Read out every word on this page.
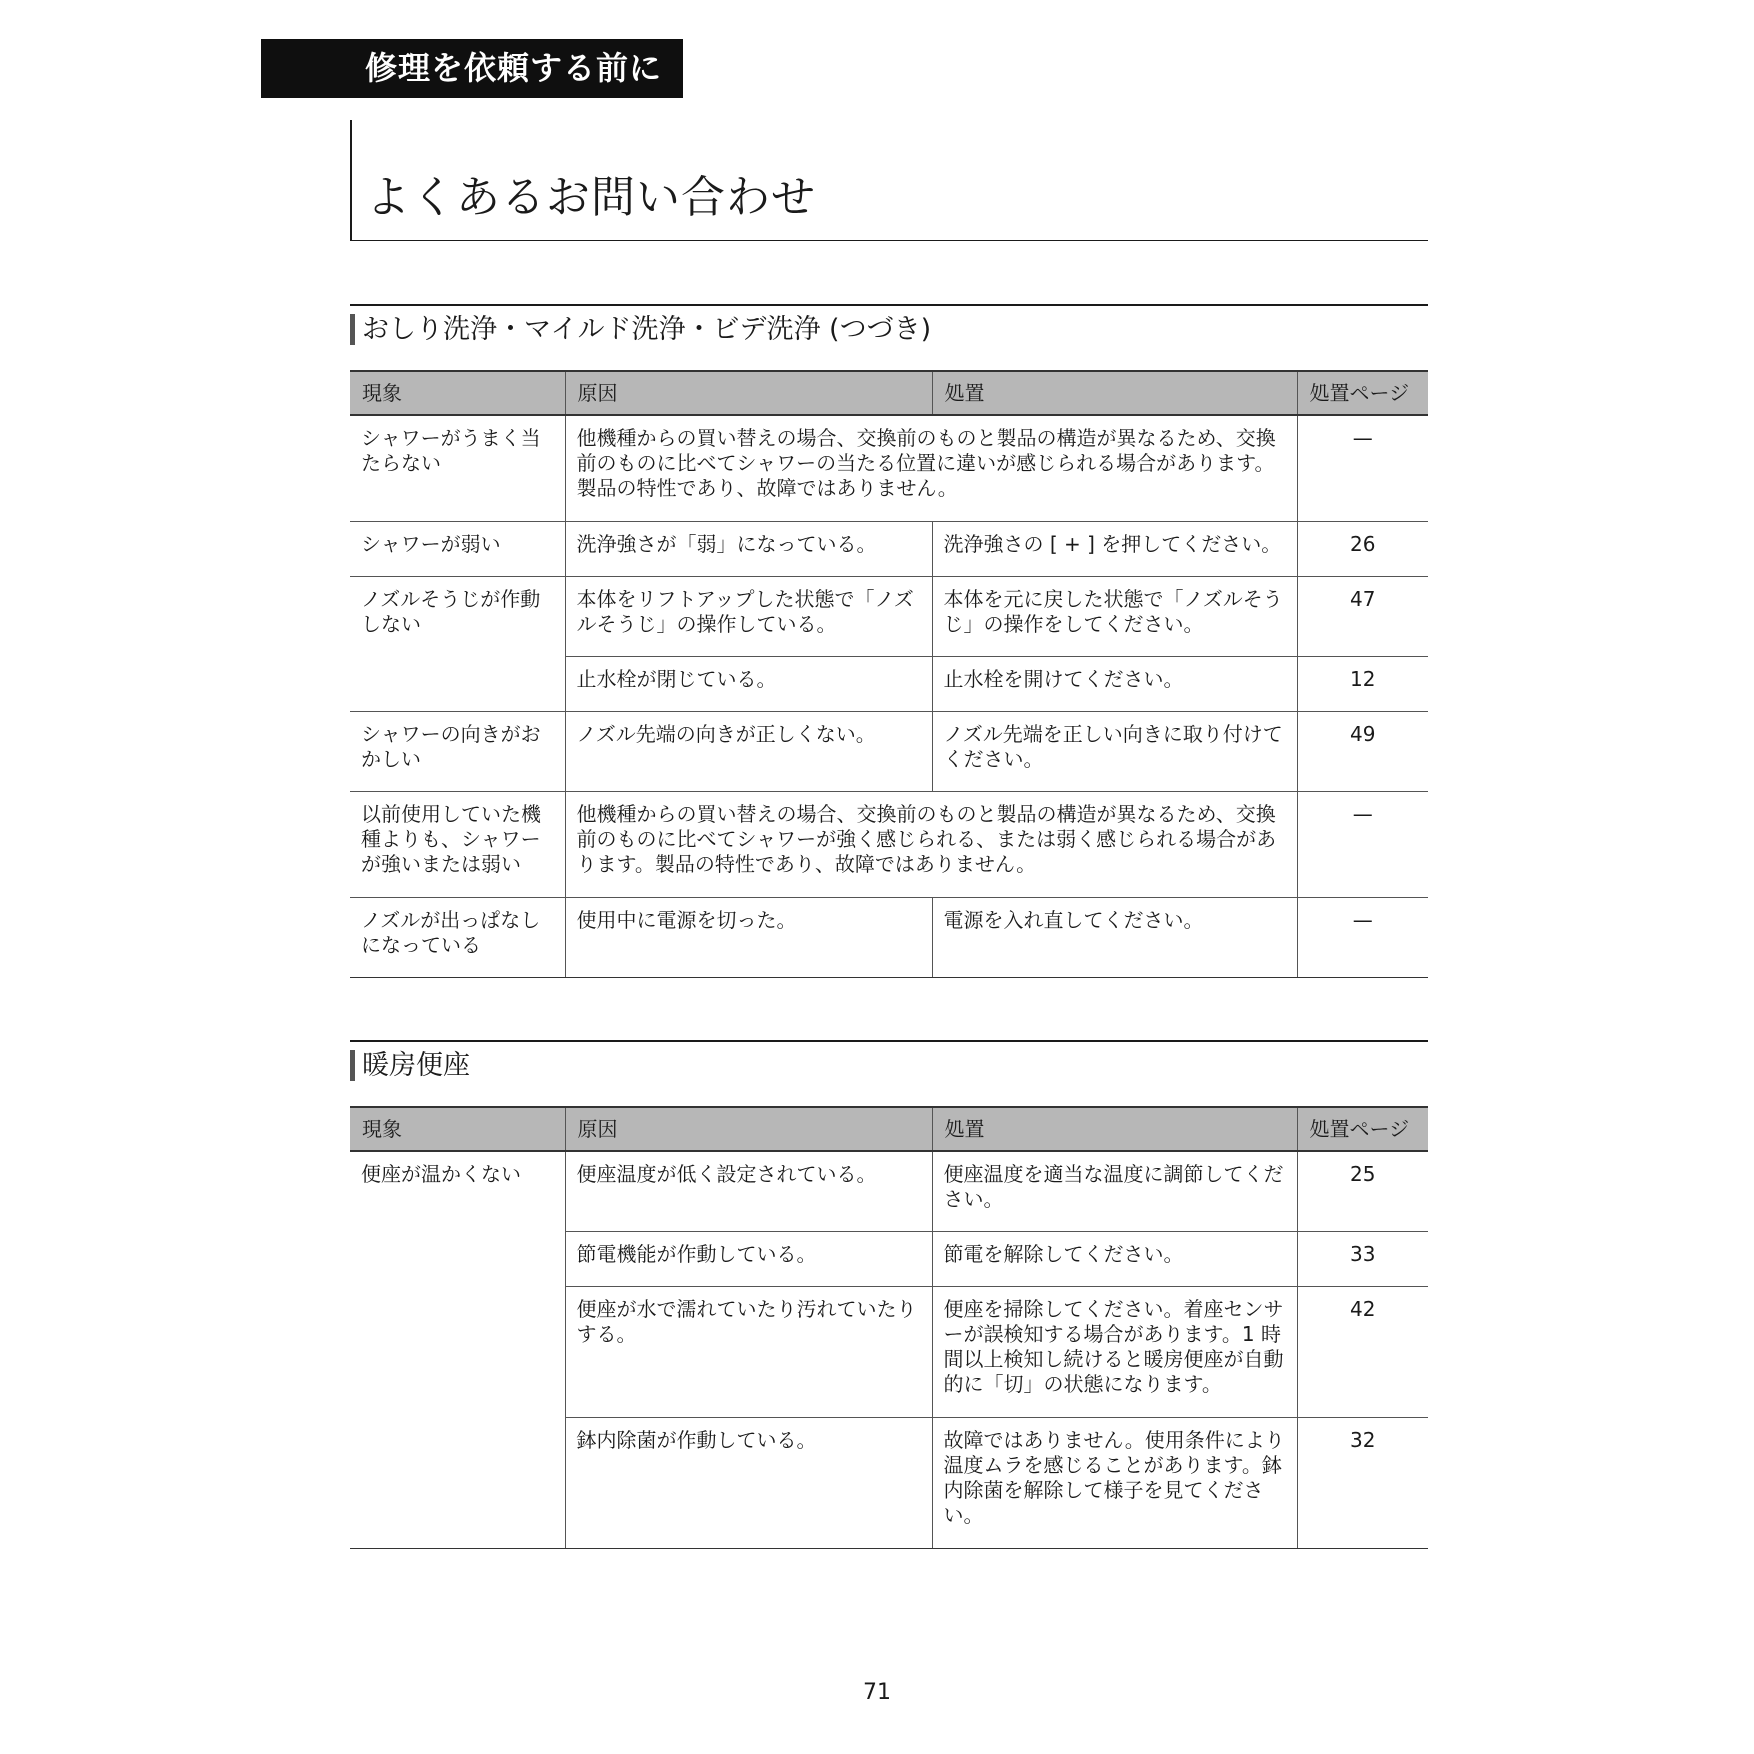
修理を依頼する前に
よくあるお問い合わせ
おしり洗浄・マイルド洗浄・ビデ洗浄 (つづき)
現象	原因	処置	処置ページ
シャワーがうまく当たらない	他機種からの買い替えの場合、交換前のものと製品の構造が異なるため、交換前のものに比べてシャワーの当たる位置に違いが感じられる場合があります。製品の特性であり、故障ではありません。		—
シャワーが弱い	洗浄強さが「弱」になっている。	洗浄強さの [ + ] を押してください。	26
ノズルそうじが作動しない	本体をリフトアップした状態で「ノズルそうじ」の操作している。	本体を元に戻した状態で「ノズルそうじ」の操作をしてください。	47
	止水栓が閉じている。	止水栓を開けてください。	12
シャワーの向きがおかしい	ノズル先端の向きが正しくない。	ノズル先端を正しい向きに取り付けてください。	49
以前使用していた機種よりも、シャワーが強いまたは弱い	他機種からの買い替えの場合、交換前のものと製品の構造が異なるため、交換前のものに比べてシャワーが強く感じられる、または弱く感じられる場合があります。製品の特性であり、故障ではありません。		—
ノズルが出っぱなしになっている	使用中に電源を切った。	電源を入れ直してください。	—
暖房便座
現象	原因	処置	処置ページ
便座が温かくない	便座温度が低く設定されている。	便座温度を適当な温度に調節してください。	25
	節電機能が作動している。	節電を解除してください。	33
	便座が水で濡れていたり汚れていたりする。	便座を掃除してください。着座センサーが誤検知する場合があります。1 時間以上検知し続けると暖房便座が自動的に「切」の状態になります。	42
	鉢内除菌が作動している。	故障ではありません。使用条件により温度ムラを感じることがあります。鉢内除菌を解除して様子を見てください。	32
71
